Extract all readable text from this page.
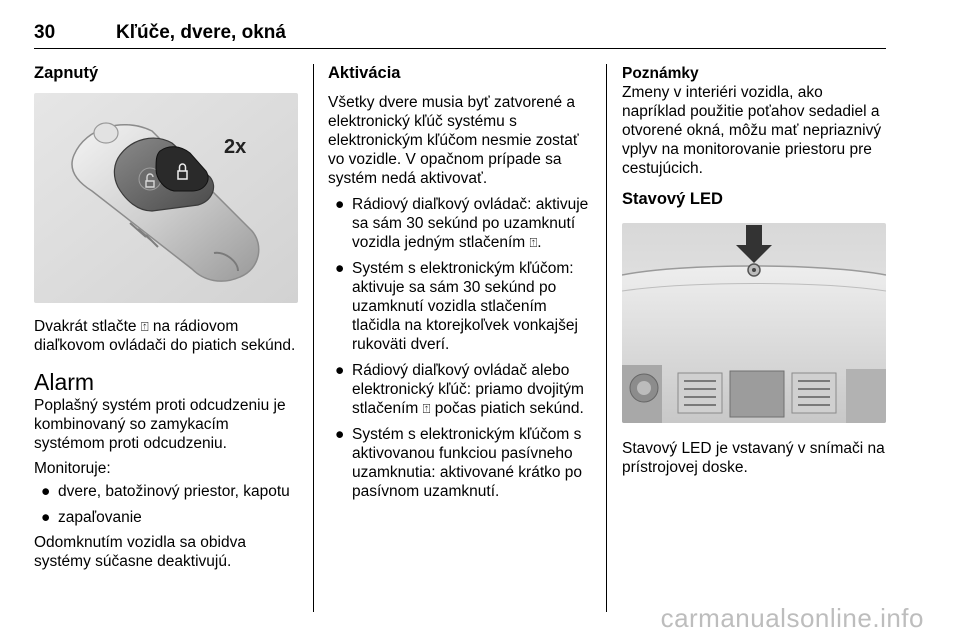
30	Kľúče, dvere, okná
Zapnutý
2x

Dvakrát stlačte ⍐ na rádiovom diaľkovom ovládači do piatich sekúnd.

Alarm

Poplašný systém proti odcudzeniu je kombinovaný so zamykacím systémom proti odcudzeniu.

Monitoruje:

● dvere, batožinový priestor, kapotu
● zapaľovanie

Odomknutím vozidla sa obidva systémy súčasne deaktivujú.

Aktivácia

Všetky dvere musia byť zatvorené a elektronický kľúč systému s elektronickým kľúčom nesmie zostať vo vozidle. V opačnom prípade sa systém nedá aktivovať.

● Rádiový diaľkový ovládač: aktivuje sa sám 30 sekúnd po uzamknutí vozidla jedným stlačením ⍐.
● Systém s elektronickým kľúčom: aktivuje sa sám 30 sekúnd po uzamknutí vozidla stlačením tlačidla na ktorejkoľvek vonkajšej rukoväti dverí.
● Rádiový diaľkový ovládač alebo elektronický kľúč: priamo dvojitým stlačením ⍐ počas piatich sekúnd.
● Systém s elektronickým kľúčom s aktivovanou funkciou pasívneho uzamknutia: aktivované krátko po pasívnom uzamknutí.
Poznámky

Zmeny v interiéri vozidla, ako napríklad použitie poťahov sedadiel a otvorené okná, môžu mať nepriaznivý vplyv na monitorovanie priestoru pre cestujúcich.

Stavový LED

Stavový LED je vstavaný v snímači na prístrojovej doske.

carmanualsonline.info
